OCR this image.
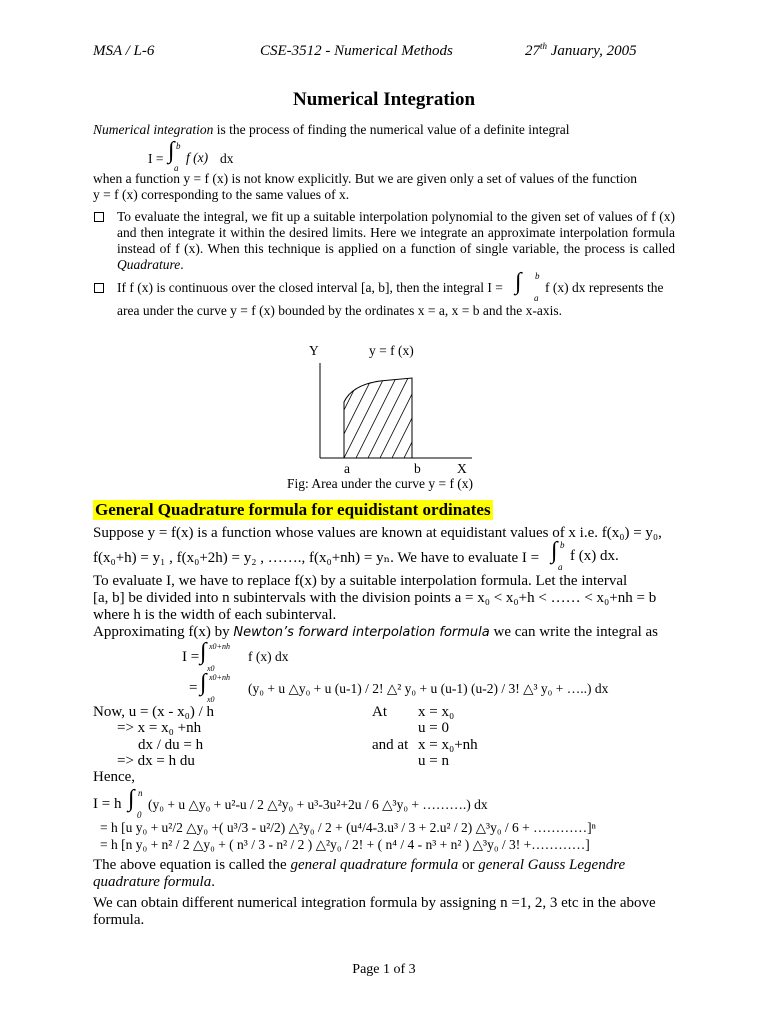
MSA / L-6	CSE-3512 - Numerical Methods	27th January, 2005
Numerical Integration
Numerical integration is the process of finding the numerical value of a definite integral
I = ∫ b
a
f (x) dx
when a function y = f (x) is not know explicitly. But we are given only a set of values of the function
y = f (x) corresponding to the same values of x.
To evaluate the integral, we fit up a suitable interpolation polynomial to the given set of values of f (x) and then integrate it within the desired limits. Here we integrate an approximate interpolation formula instead of f (x). When this technique is applied on a function of single variable, the process is called Quadrature.
If f (x) is continuous over the closed interval [a, b], then the integral I = ∫ b
a
f (x) dx represents the
area under the curve y = f (x) bounded by the ordinates x = a, x = b and the x-axis.
Y	y = f (x)
a	b	X
Fig: Area under the curve y = f (x)
General Quadrature formula for equidistant ordinates
Suppose y = f(x) is a function whose values are known at equidistant values of x i.e. f(x₀) = y₀,
f(x₀+h) = y₁ , f(x₀+2h) = y₂ , ……., f(x₀+nh) = yₙ. We have to evaluate I = ∫ b
a
f (x) dx.
To evaluate I, we have to replace f(x) by a suitable interpolation formula. Let the interval
[a, b] be divided into n subintervals with the division points a = x₀ < x₀+h < …… < x₀+nh = b
where h is the width of each subinterval.
Approximating f(x) by Newton’s forward interpolation formula we can write the integral as
I = ∫ x0+nh
x0
f (x) dx
= ∫ x0+nh
x0
(y₀ + u △y₀ + u (u-1) / 2! △² y₀ + u (u-1) (u-2) / 3! △³ y₀ + …..) dx
Now, u = (x - x₀) / h	At x = x₀
=> x = x₀ +nh	u = 0
dx / du = h	and at x = x₀+nh
=> dx = h du	u = n
Hence,
I = h ∫ n
0
(y₀ + u △y₀ + u²-u / 2 △²y₀ + u³-3u²+2u / 6 △³y₀ + ……….) dx
= h [u y₀ + u²/2 △y₀ +( u³/3 - u²/2) △²y₀ / 2 + (u⁴/4-3.u³ / 3 + 2.u² / 2) △³y₀ / 6 + …………]ⁿ
= h [n y₀ + n² / 2 △y₀ + ( n³ / 3 - n² / 2 ) △²y₀ / 2! + ( n⁴ / 4 - n³ + n² ) △³y₀ / 3! +…………]
The above equation is called the general quadrature formula or general Gauss Legendre
quadrature formula.
We can obtain different numerical integration formula by assigning n =1, 2, 3 etc in the above
formula.
Page 1 of 3
